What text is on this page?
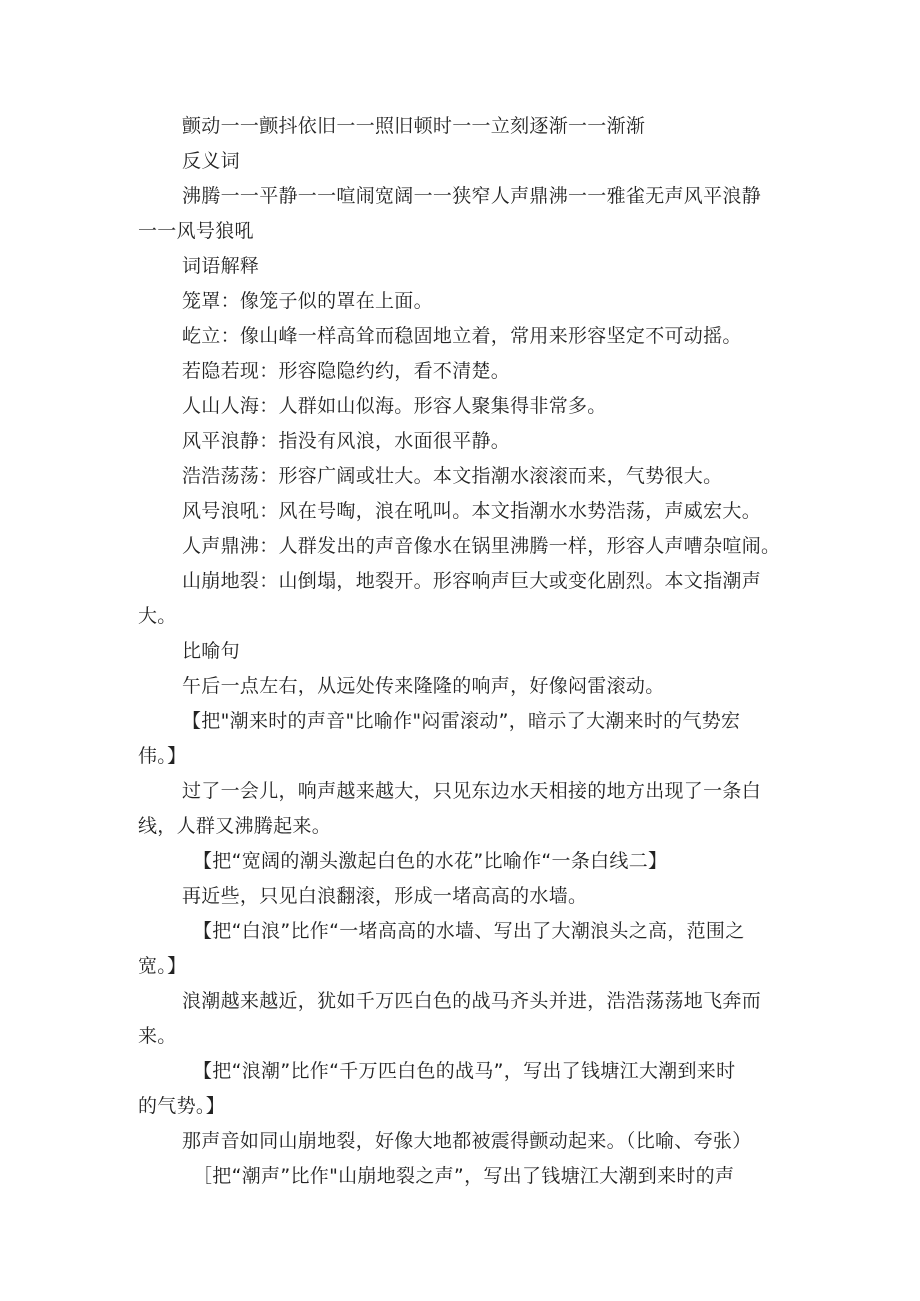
颤动一一颤抖依旧一一照旧顿时一一立刻逐渐一一渐渐
反义词
沸腾一一平静一一喧闹宽阔一一狭窄人声鼎沸一一雅雀无声风平浪静
一一风号狼吼
词语解释
笼罩：像笼子似的罩在上面。
屹立：像山峰一样高耸而稳固地立着，常用来形容坚定不可动摇。
若隐若现：形容隐隐约约，看不清楚。
人山人海：人群如山似海。形容人聚集得非常多。
风平浪静：指没有风浪，水面很平静。
浩浩荡荡：形容广阔或壮大。本文指潮水滚滚而来，气势很大。
风号浪吼：风在号啕，浪在吼叫。本文指潮水水势浩荡，声威宏大。
人声鼎沸：人群发出的声音像水在锅里沸腾一样，形容人声嘈杂喧闹。
山崩地裂：山倒塌，地裂开。形容响声巨大或变化剧烈。本文指潮声
大。
比喻句
午后一点左右，从远处传来隆隆的响声，好像闷雷滚动。
【把"潮来时的声音"比喻作"闷雷滚动”，暗示了大潮来时的气势宏
伟。】
过了一会儿，响声越来越大，只见东边水天相接的地方出现了一条白
线，人群又沸腾起来。
【把“宽阔的潮头激起白色的水花”比喻作“一条白线二】
再近些，只见白浪翻滚，形成一堵高高的水墙。
【把“白浪”比作“一堵高高的水墙、写出了大潮浪头之高，范围之
宽。】
浪潮越来越近，犹如千万匹白色的战马齐头并进，浩浩荡荡地飞奔而
来。
【把“浪潮”比作“千万匹白色的战马”，写出了钱塘江大潮到来时
的气势。】
那声音如同山崩地裂，好像大地都被震得颤动起来。（比喻、夸张）
［把“潮声”比作"山崩地裂之声”，写出了钱塘江大潮到来时的声
